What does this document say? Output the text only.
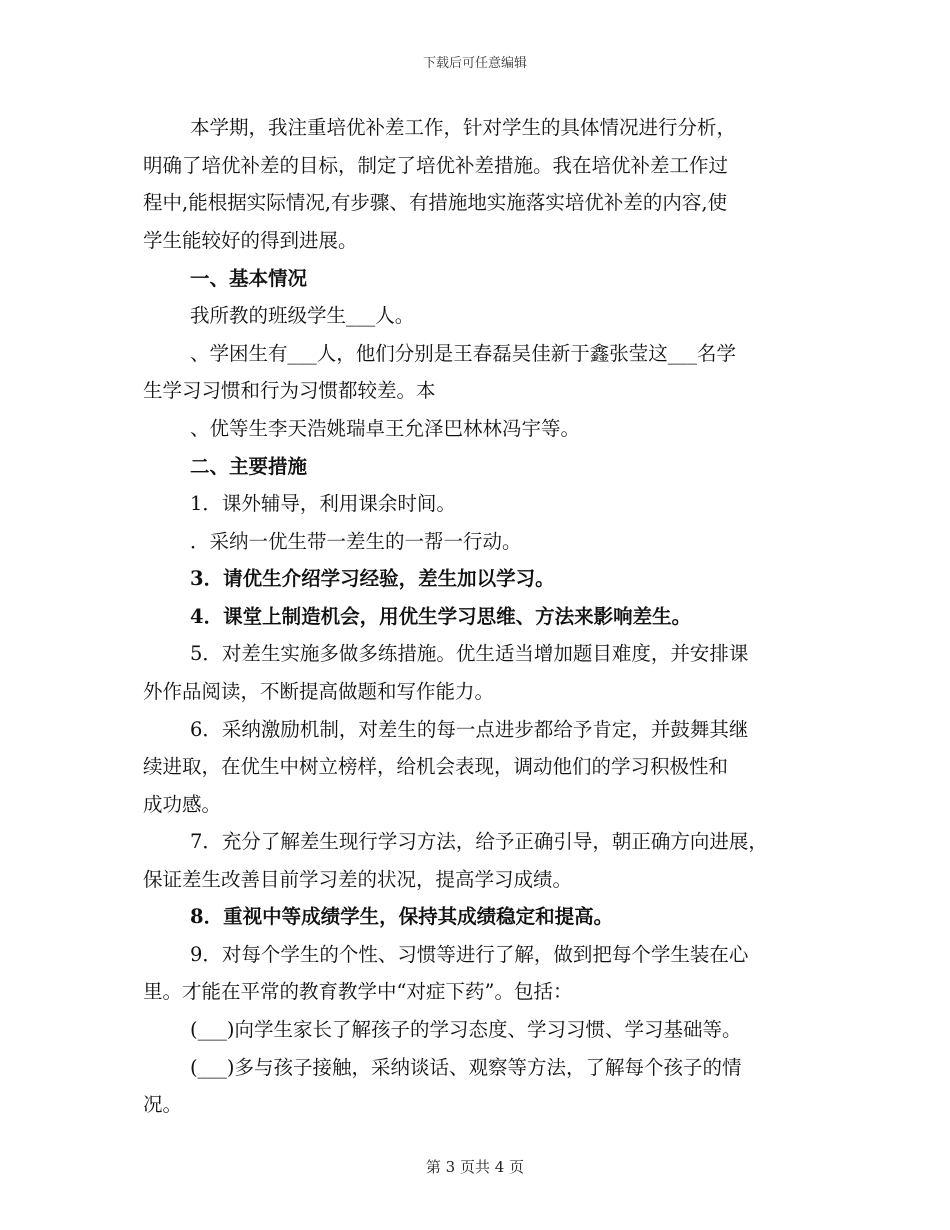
下载后可任意编辑
本学期，我注重培优补差工作，针对学生的具体情况进行分析，
明确了培优补差的目标，制定了培优补差措施。我在培优补差工作过
程中,能根据实际情况,有步骤、有措施地实施落实培优补差的内容,使
学生能较好的得到进展。
一、基本情况
我所教的班级学生___人。
、学困生有___人，他们分别是王春磊吴佳新于鑫张莹这___名学
生学习习惯和行为习惯都较差。本
、优等生李天浩姚瑞卓王允泽巴林林冯宇等。
二、主要措施
1．课外辅导，利用课余时间。
．采纳一优生带一差生的一帮一行动。
3．请优生介绍学习经验，差生加以学习。
4．课堂上制造机会，用优生学习思维、方法来影响差生。
5．对差生实施多做多练措施。优生适当增加题目难度，并安排课
外作品阅读，不断提高做题和写作能力。
6．采纳激励机制，对差生的每一点进步都给予肯定，并鼓舞其继
续进取，在优生中树立榜样，给机会表现，调动他们的学习积极性和
成功感。
7．充分了解差生现行学习方法，给予正确引导，朝正确方向进展，
保证差生改善目前学习差的状况，提高学习成绩。
8．重视中等成绩学生，保持其成绩稳定和提高。
9．对每个学生的个性、习惯等进行了解，做到把每个学生装在心
里。才能在平常的教育教学中“对症下药”。包括：
(___)向学生家长了解孩子的学习态度、学习习惯、学习基础等。
(___)多与孩子接触，采纳谈话、观察等方法，了解每个孩子的情
况。
第 3 页共 4 页
